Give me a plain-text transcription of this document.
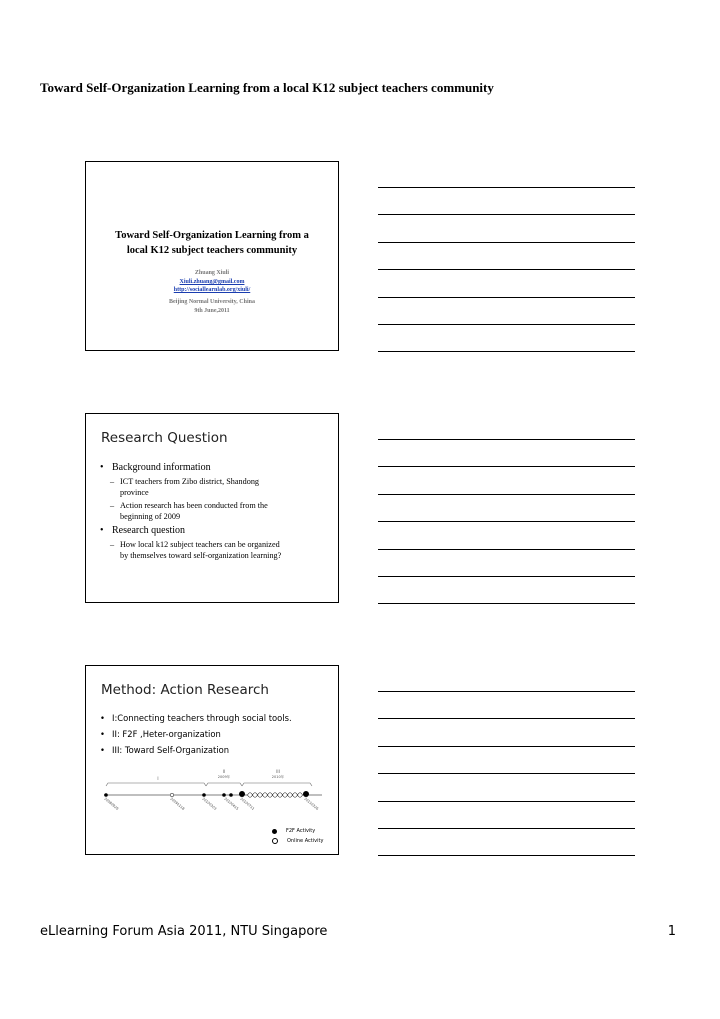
Toward Self-Organization Learning from a local K12 subject teachers community
Toward Self-Organization Learning from a
local K12 subject teachers community
Zhuang Xiuli
Xiuli.zhuang@gmail.com
http://sociallearnlab.org/xiuli/
Beijing Normal University, China
9th June,2011
Research Question
• Background information
– ICT teachers from Zibo district, Shandong
province
– Action research has been conducted from the
beginning of 2009
• Research question
– How local k12 subject teachers can be organized
by themselves toward self-organization learning?
Method: Action Research
• I:Connecting teachers through social tools.
• II: F2F ,Heter-organization
• III: Toward Self-Organization
I
II
2009年
III
2010年
20080929	20091118	20100303 20100415 20100711	20110326
F2F Activity
Online Activity
eLlearning Forum Asia 2011, NTU Singapore	1
